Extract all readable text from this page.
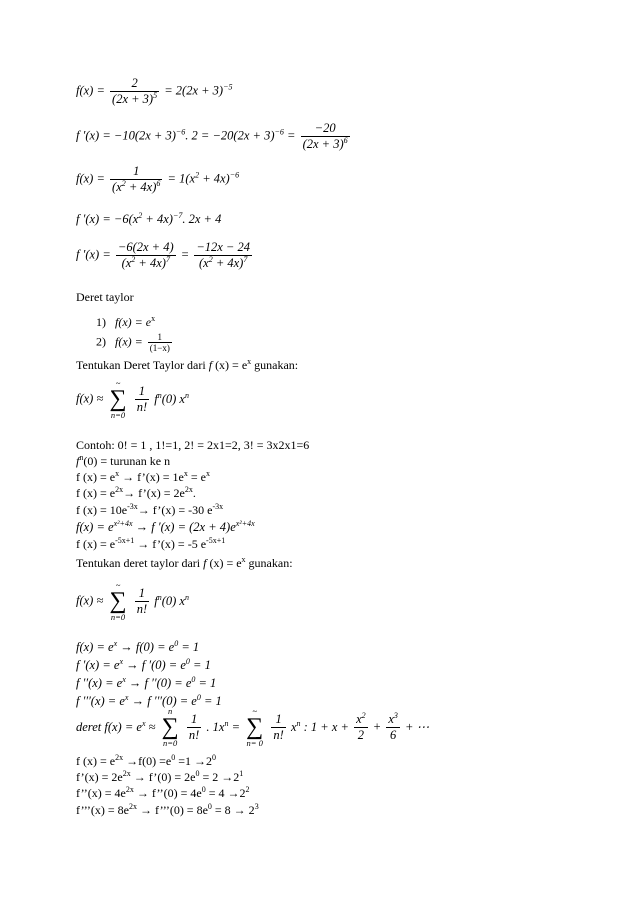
$f(x) = \frac{2}{(2x + 3)^5} = 2(2x + 3)^{-5}$
f $'(x) = -10(2x + 3)^{-6}$. $2 = -20(2x + 3)^{-6} = \frac{-20}{(2x + 3)^6}$
$f(x) = \frac{1}{(x^2 + 4x)^6} = 1(x^2 + 4x)^{-6}$
f $'(x) = -6(x^2 + 4x)^{-7}$. 2x + 4
f $'(x) = \frac{-6(2x + 4)}{(x^2 + 4x)^7} = \frac{-12x - 24}{(x^2 + 4x)^7}$
Deret taylor
1) $f(x) = e^x$
2) $f(x) = \frac{1}{(1-x)}$
Tentukan Deret Taylor dari f $(x) = e^x$ gunakan:
f(x) ≈
~
∑
n=0

$\frac{1}{n!} f^n(0)$ $x^n$
Contoh: 0! = 1 , 1!=1, 2! = 2x1=2, 3! = 3x2x1=6
$f^n(0)$ = turunan ke n
f $(x) = e^x$ → f’(x) = $1e^x = e^x$
f $(x) = e^{2x}\to$ f’(x) = $2e^{2x}$.
f $(x) = 10e^{-3x}\to$ f’(x) = -30 $e^{-3x}$
$f(x) = e^{x^2+4x} \to f$ $'(x) = (2x + 4)e^{x^2+4x}$
f $(x) = e^{-5x+1}$ → f’(x) = -5 $e^{-5x+1}$
Tentukan deret taylor dari f $(x) = e^x$ gunakan:
f(x) ≈
~
∑
n=0

$\frac{1}{n!} f^n(0)$ $x^n$
$f(x) = e^x \to f(0) = e^0 = 1$
f $'(x) = e^x \to f$ $'(0) = e^0 = 1$
f $''(x) = e^x \to f$ $''(0) = e^0 = 1$
f $'''(x) = e^x \to f$ $'''(0) = e^0 = 1$
deret $f(x) = e^x$ ≈
n
∑
n=0

$\frac{1}{n!}$ . $1x^n$ =
~
∑
n= 0

$\frac{1}{n!} x^n$ : $1 + x + \frac{x^2}{2} + \frac{x^3}{6}$ + ⋯
f $(x) = e^{2x} \to f(0) =e^0 =1 \to 2^0$
f’(x) = $2e^{2x}$ → f’(0) = $2e^0 = 2 \to 2^1$
f’’(x) = $4e^{2x}$ → f’’(0) = $4e^0 = 4 \to 2^2$
f’’’(x) = $8e^{2x}$ → f’’’(0) = $8e^0 = 8 \to 2^3$
